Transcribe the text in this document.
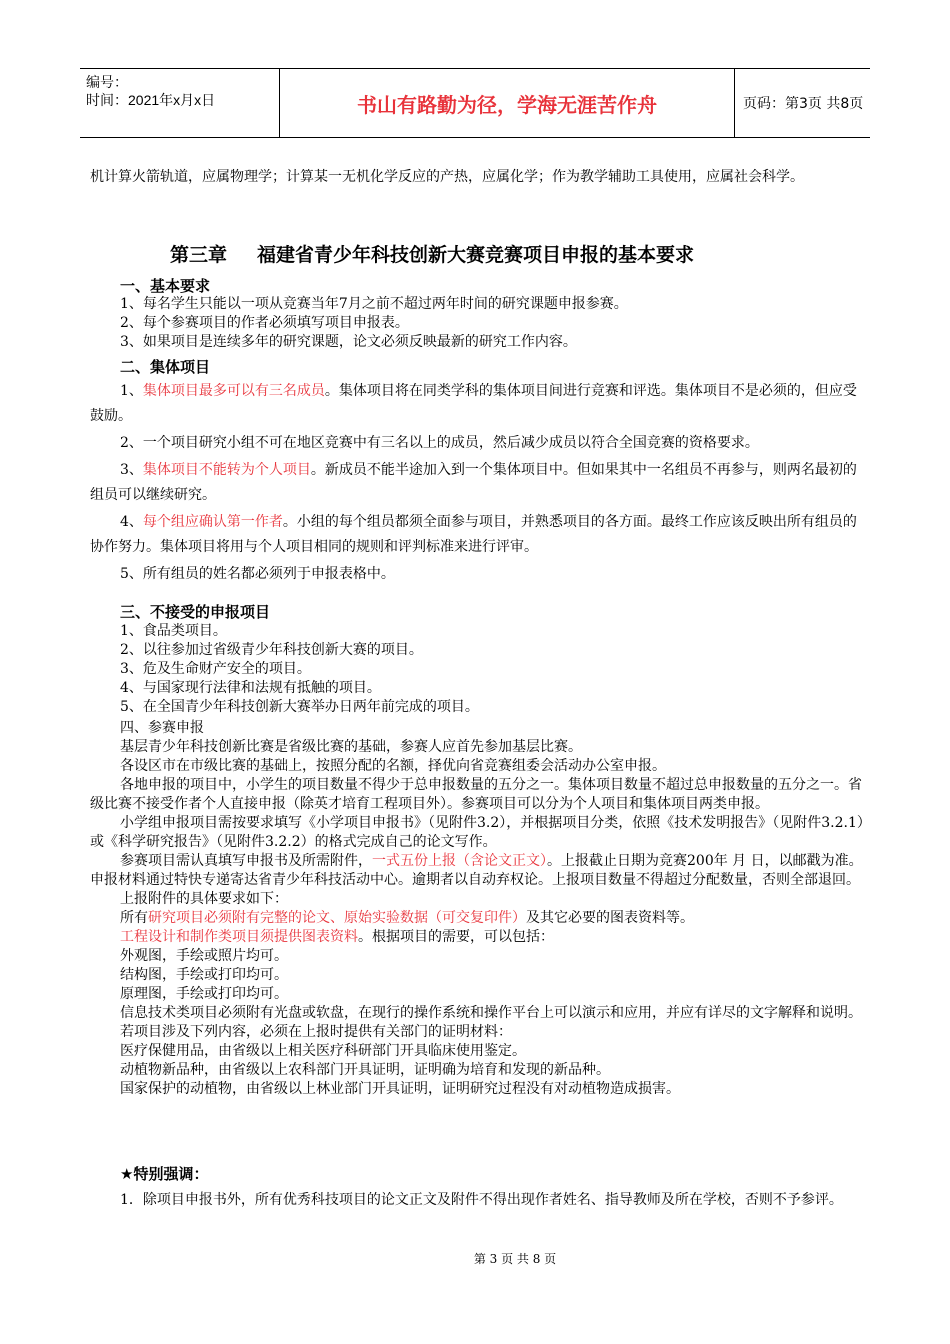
编号：
时间：2021年x月x日	书山有路勤为径，学海无涯苦作舟	页码：第3页 共8页
机计算火箭轨道，应属物理学；计算某一无机化学反应的产热，应属化学；作为教学辅助工具使用，应属社会科学。
第三章 福建省青少年科技创新大赛竞赛项目申报的基本要求
一、基本要求
1、每名学生只能以一项从竞赛当年7月之前不超过两年时间的研究课题申报参赛。
2、每个参赛项目的作者必须填写项目申报表。
3、如果项目是连续多年的研究课题，论文必须反映最新的研究工作内容。
二、集体项目
1、集体项目最多可以有三名成员。集体项目将在同类学科的集体项目间进行竞赛和评选。集体项目不是必须的，但应受鼓励。
2、一个项目研究小组不可在地区竞赛中有三名以上的成员，然后减少成员以符合全国竞赛的资格要求。
3、集体项目不能转为个人项目。新成员不能半途加入到一个集体项目中。但如果其中一名组员不再参与，则两名最初的组员可以继续研究。
4、每个组应确认第一作者。小组的每个组员都须全面参与项目，并熟悉项目的各方面。最终工作应该反映出所有组员的协作努力。集体项目将用与个人项目相同的规则和评判标准来进行评审。
5、所有组员的姓名都必须列于申报表格中。
三、不接受的申报项目
1、食品类项目。
2、以往参加过省级青少年科技创新大赛的项目。
3、危及生命财产安全的项目。
4、与国家现行法律和法规有抵触的项目。
5、在全国青少年科技创新大赛举办日两年前完成的项目。
四、参赛申报
基层青少年科技创新比赛是省级比赛的基础，参赛人应首先参加基层比赛。
各设区市在市级比赛的基础上，按照分配的名额，择优向省竞赛组委会活动办公室申报。
各地申报的项目中，小学生的项目数量不得少于总申报数量的五分之一。集体项目数量不超过总申报数量的五分之一。省级比赛不接受作者个人直接申报（除英才培育工程项目外）。参赛项目可以分为个人项目和集体项目两类申报。
小学组申报项目需按要求填写《小学项目申报书》（见附件3.2），并根据项目分类，依照《技术发明报告》（见附件3.2.1）或《科学研究报告》（见附件3.2.2）的格式完成自己的论文写作。
参赛项目需认真填写申报书及所需附件，一式五份上报（含论文正文）。上报截止日期为竞赛200年 月 日，以邮戳为准。申报材料通过特快专递寄达省青少年科技活动中心。逾期者以自动弃权论。上报项目数量不得超过分配数量，否则全部退回。
上报附件的具体要求如下：
所有研究项目必须附有完整的论文、原始实验数据（可交复印件）及其它必要的图表资料等。
工程设计和制作类项目须提供图表资料。根据项目的需要，可以包括：
外观图，手绘或照片均可。
结构图，手绘或打印均可。
原理图，手绘或打印均可。
信息技术类项目必须附有光盘或软盘，在现行的操作系统和操作平台上可以演示和应用，并应有详尽的文字解释和说明。
若项目涉及下列内容，必须在上报时提供有关部门的证明材料：
医疗保健用品，由省级以上相关医疗科研部门开具临床使用鉴定。
动植物新品种，由省级以上农科部门开具证明，证明确为培育和发现的新品种。
国家保护的动植物，由省级以上林业部门开具证明，证明研究过程没有对动植物造成损害。
★特别强调：
1．除项目申报书外，所有优秀科技项目的论文正文及附件不得出现作者姓名、指导教师及所在学校，否则不予参评。
第 3 页 共 8 页
